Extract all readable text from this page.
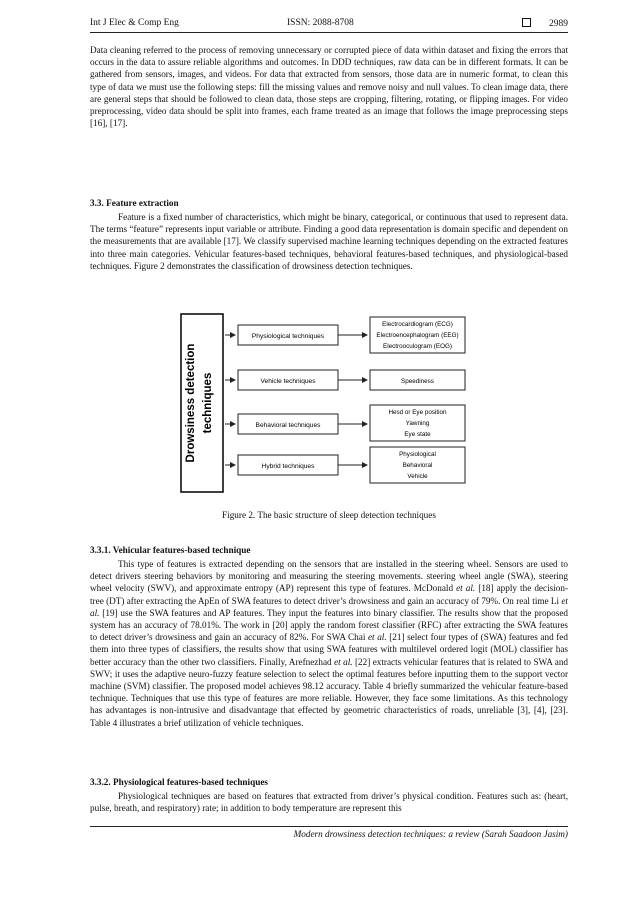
Int J Elec & Comp Eng	ISSN: 2088-8708	2989

Data cleaning referred to the process of removing unnecessary or corrupted piece of data within dataset and fixing the errors that occurs in the data to assure reliable algorithms and outcomes. In DDD techniques, raw data can be in different formats. It can be gathered from sensors, images, and videos. For data that extracted from sensors, those data are in numeric format, to clean this type of data we must use the following steps: fill the missing values and remove noisy and null values. To clean image data, there are general steps that should be followed to clean data, those steps are cropping, filtering, rotating, or flipping images. For video preprocessing, video data should be split into frames, each frame treated as an image that follows the image preprocessing steps [16], [17].

3.3. Feature extraction

Feature is a fixed number of characteristics, which might be binary, categorical, or continuous that used to represent data. The terms “feature” represents input variable or attribute. Finding a good data representation is domain specific and dependent on the measurements that are available [17]. We classify supervised machine learning techniques depending on the extracted features into three main categories. Vehicular features-based techniques, behavioral features-based techniques, and physiological-based techniques. Figure 2 demonstrates the classification of drowsiness detection techniques.

Drowsiness detection techniques
Physiological techniques
Electrocardiogram (ECG)
Electroencephalogram (EEG)
Electrooculogram (EOG)
Vehicle techniques	Speediness
Behavioral techniques
Hesd or Eye position
Yawning
Eye state
Hybrid techniques
Physiological
Behavioral
Vehicle
Figure 2. The basic structure of sleep detection techniques
3.3.1. Vehicular features-based technique

This type of features is extracted depending on the sensors that are installed in the steering wheel. Sensors are used to detect drivers steering behaviors by monitoring and measuring the steering movements. steering wheel angle (SWA), steering wheel velocity (SWV), and approximate entropy (AP) represent this type of features. McDonald et al. [18] apply the decision-tree (DT) after extracting the ApEn of SWA features to detect driver’s drowsiness and gain an accuracy of 79%. On real time Li et al. [19] use the SWA features and AP features. They input the features into binary classifier. The results show that the proposed system has an accuracy of 78.01%. The work in [20] apply the random forest classifier (RFC) after extracting the SWA features to detect driver’s drowsiness and gain an accuracy of 82%. For SWA Chai et al. [21] select four types of (SWA) features and fed them into three types of classifiers, the results show that using SWA features with multilevel ordered logit (MOL) classifier has better accuracy than the other two classifiers. Finally, Arefnezhad et al. [22] extracts vehicular features that is related to SWA and SWV; it uses the adaptive neuro-fuzzy feature selection to select the optimal features before inputting them to the support vector machine (SVM) classifier. The proposed model achieves 98.12 accuracy. Table 4 briefly summarized the vehicular feature-based technique. Techniques that use this type of features are more reliable. However, they face some limitations. As this technology has advantages is non-intrusive and disadvantage that effected by geometric characteristics of roads, unreliable [3], [4], [23]. Table 4 illustrates a brief utilization of vehicle techniques.

3.3.2. Physiological features-based techniques

Physiological techniques are based on features that extracted from driver’s physical condition. Features such as: (heart, pulse, breath, and respiratory) rate; in addition to body temperature are represent this

Modern drowsiness detection techniques: a review (Sarah Saadoon Jasim)
